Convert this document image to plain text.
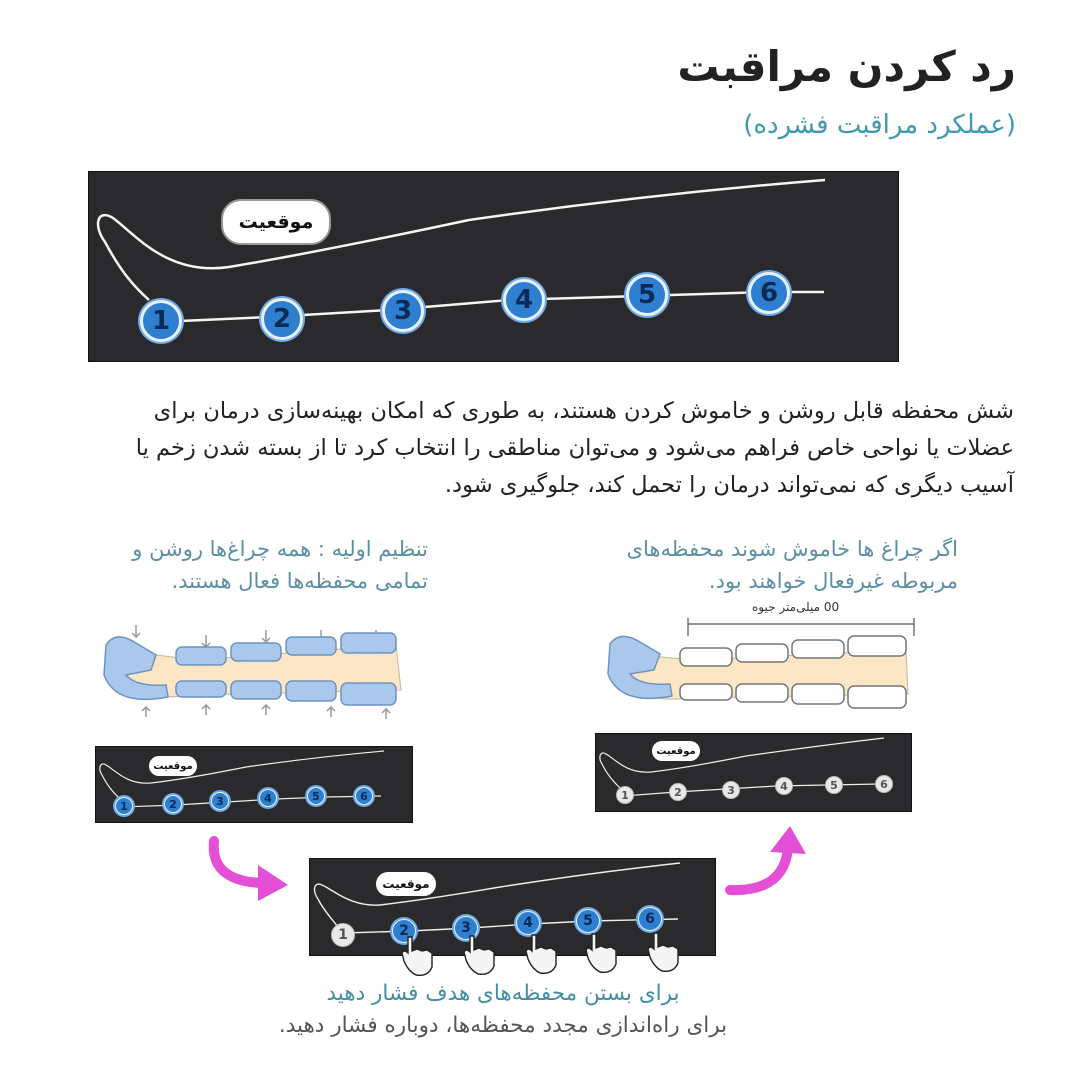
رد کردن مراقبت
(عملکرد مراقبت فشرده)
موقعیت
1	2	3	4	5	6
شش محفظه قابل روشن و خاموش کردن هستند، به طوری که امکان بهینه‌سازی درمان برای عضلات یا نواحی خاص فراهم می‌شود و می‌توان مناطقی را انتخاب کرد تا از بسته شدن زخم یا آسیب دیگری که نمی‌تواند درمان را تحمل کند، جلوگیری شود.
تنظیم اولیه : همه چراغ‌ها روشن و
تمامی محفظه‌ها فعال هستند.
اگر چراغ ها خاموش شوند محفظه‌های
مربوطه غیرفعال خواهند بود.
00 میلی‌متر جیوه
موقعیت
1	2	3	4	5	6
موقعیت
1	2	3	4	5	6
موقعیت
1	2	3	4	5	6
برای بستن محفظه‌های هدف فشار دهید
برای راه‌اندازی مجدد محفظه‌ها، دوباره فشار دهید.
